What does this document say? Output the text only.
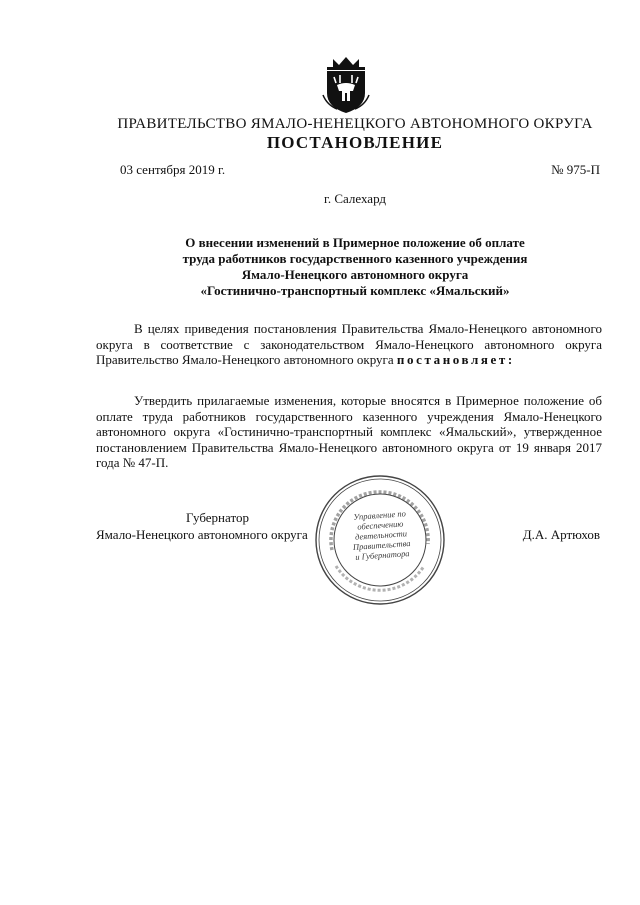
ПРАВИТЕЛЬСТВО ЯМАЛО-НЕНЕЦКОГО АВТОНОМНОГО ОКРУГА
ПОСТАНОВЛЕНИЕ
03 сентября 2019 г.	№ 975-П
г. Салехард
О внесении изменений в Примерное положение об оплате
труда работников государственного казенного учреждения
Ямало-Ненецкого автономного округа
«Гостинично-транспортный комплекс «Ямальский»
В целях приведения постановления Правительства Ямало-Ненецкого автономного округа в соответствие с законодательством Ямало-Ненецкого автономного округа Правительство Ямало-Ненецкого автономного округа постановляет:
Утвердить прилагаемые изменения, которые вносятся в Примерное положение об оплате труда работников государственного казенного учреждения Ямало-Ненецкого автономного округа «Гостинично-транспортный комплекс «Ямальский», утвержденное постановлением Правительства Ямало-Ненецкого автономного округа от 19 января 2017 года № 47-П.
Губернатор
Ямало-Ненецкого автономного округа	Д.А. Артюхов
Управление по
обеспечению
деятельности
Правительства
и Губернатора
